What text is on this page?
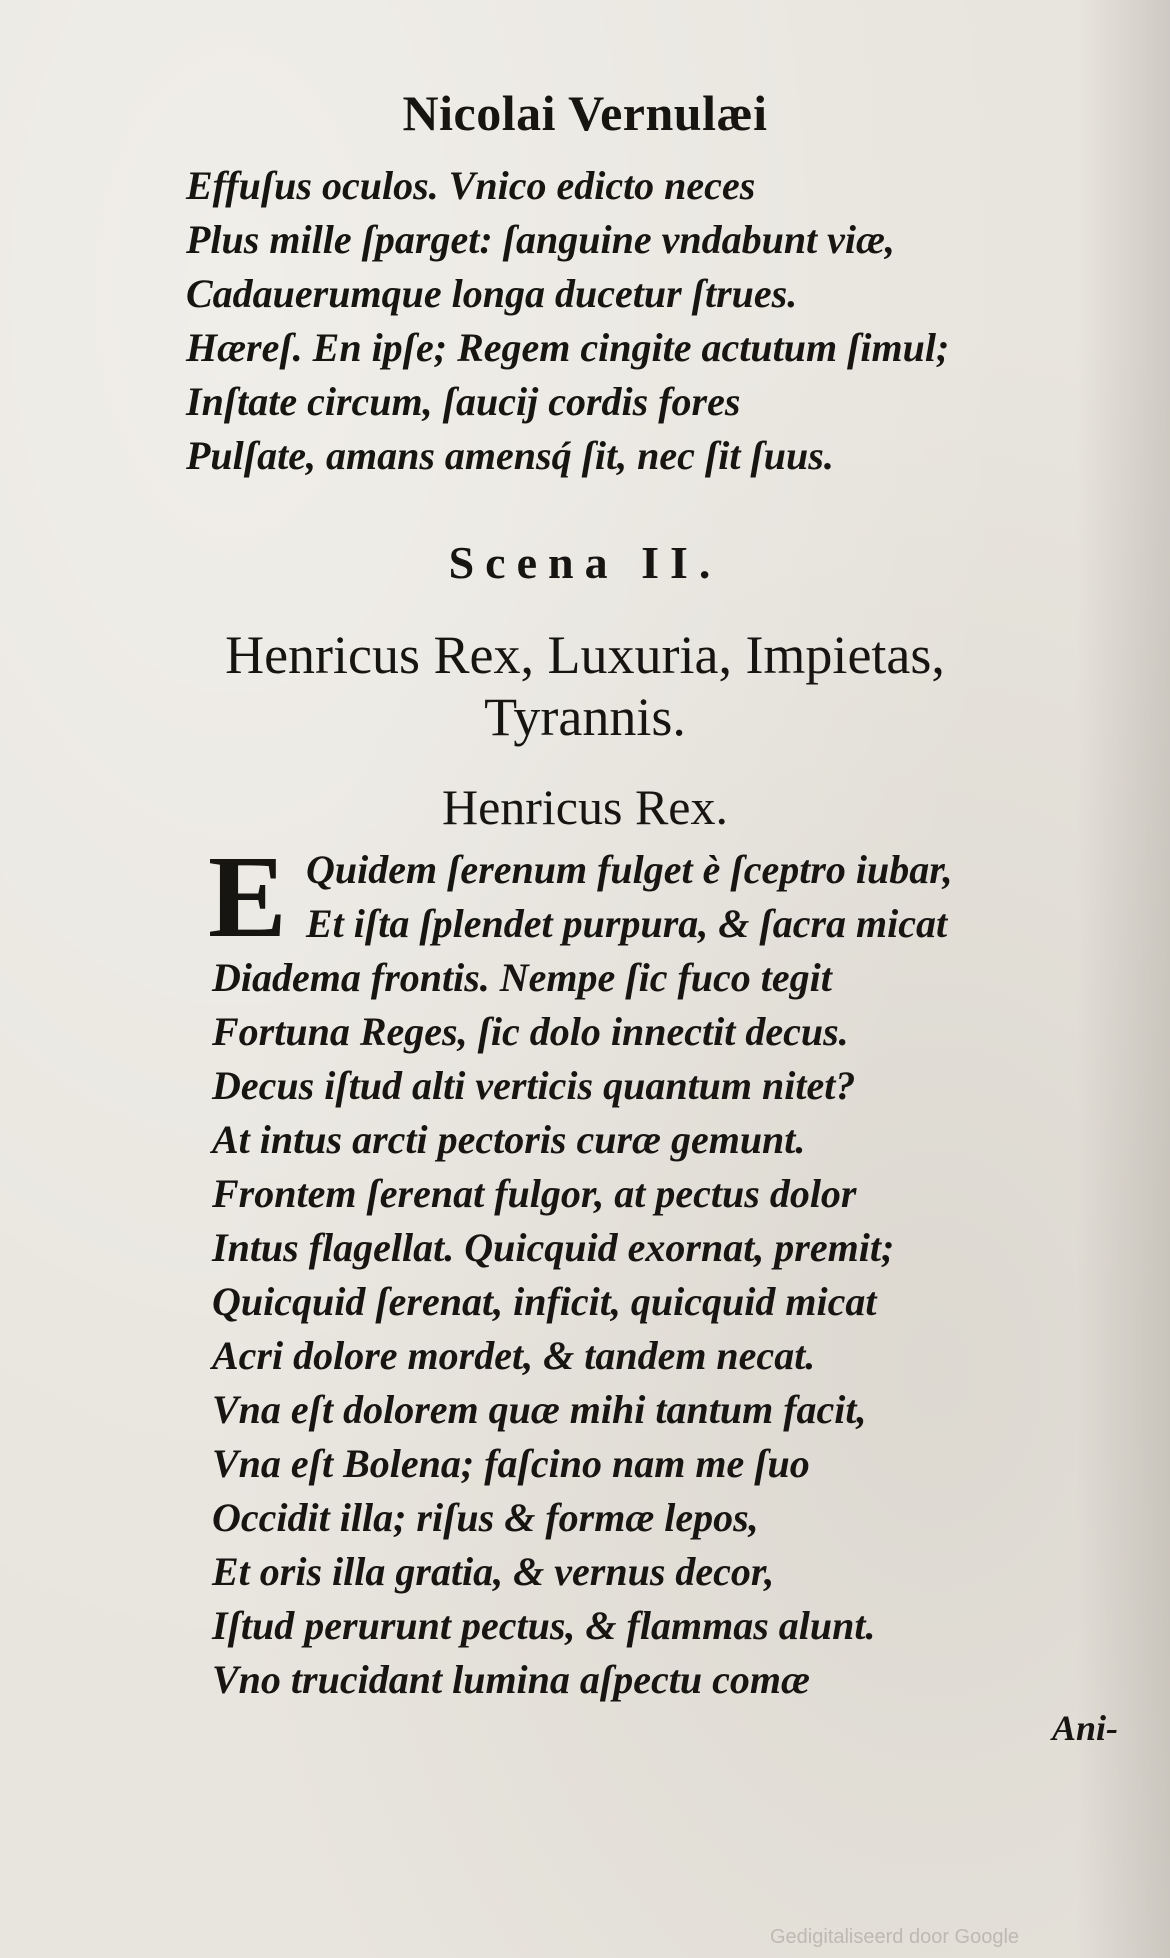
Nicolai Vernulæi
Effuſus oculos. Vnico edicto neces
Plus mille ſparget: ſanguine vndabunt viæ,
Cadauerumque longa ducetur ſtrues.
Hæreſ. En ipſe; Regem cingite actutum ſimul;
Inſtate circum, ſaucij cordis fores
Pulſate, amans amensq́ ſit, nec ſit ſuus.
Scena II.
Henricus Rex, Luxuria, Impietas,
Tyrannis.
Henricus Rex.
E Quidem ſerenum fulget è ſceptro iubar,
Et iſta ſplendet purpura, & ſacra micat
Diadema frontis. Nempe ſic fuco tegit
Fortuna Reges, ſic dolo innectit decus.
Decus iſtud alti verticis quantum nitet?
At intus arcti pectoris curæ gemunt.
Frontem ſerenat fulgor, at pectus dolor
Intus flagellat. Quicquid exornat, premit;
Quicquid ſerenat, inficit, quicquid micat
Acri dolore mordet, & tandem necat.
Vna eſt dolorem quæ mihi tantum facit,
Vna eſt Bolena; faſcino nam me ſuo
Occidit illa; riſus & formæ lepos,
Et oris illa gratia, & vernus decor,
Iſtud perurunt pectus, & flammas alunt.
Vno trucidant lumina aſpectu comæ
Ani-
Gedigitaliseerd door Google
